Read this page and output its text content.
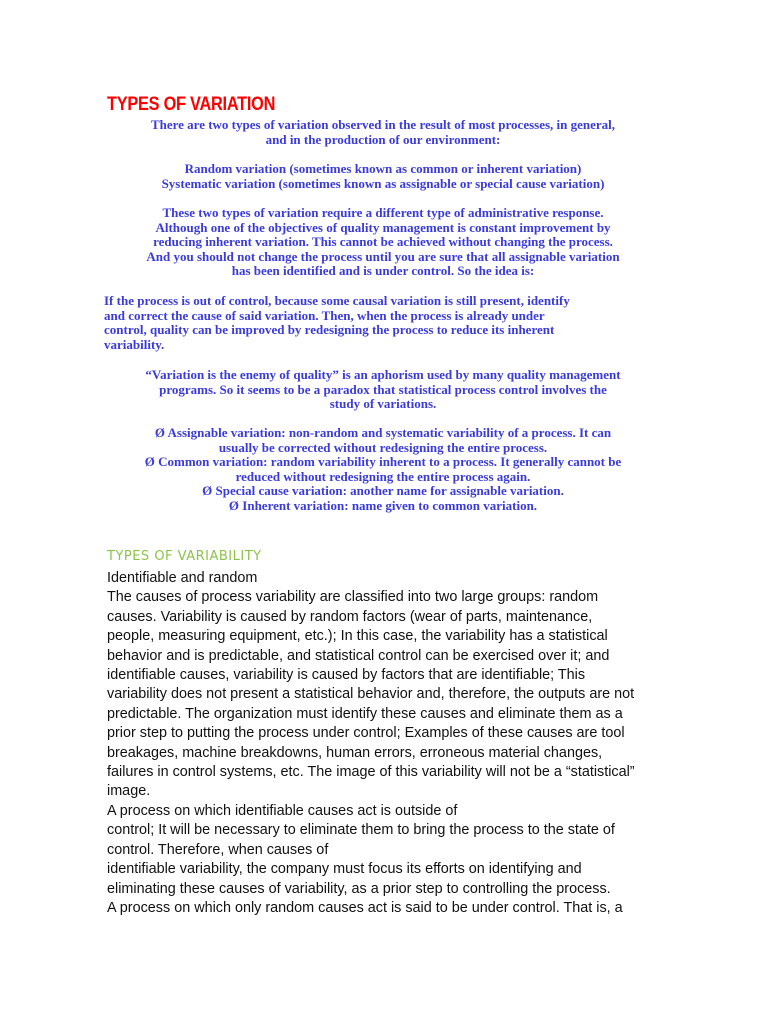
TYPES OF VARIATION
There are two types of variation observed in the result of most processes, in general,
and in the production of our environment:
Random variation (sometimes known as common or inherent variation)
Systematic variation (sometimes known as assignable or special cause variation)
These two types of variation require a different type of administrative response.
Although one of the objectives of quality management is constant improvement by
reducing inherent variation. This cannot be achieved without changing the process.
And you should not change the process until you are sure that all assignable variation
has been identified and is under control. So the idea is:
If the process is out of control, because some causal variation is still present, identify
and correct the cause of said variation. Then, when the process is already under
control, quality can be improved by redesigning the process to reduce its inherent
variability.
“Variation is the enemy of quality” is an aphorism used by many quality management
programs. So it seems to be a paradox that statistical process control involves the
study of variations.
Ø Assignable variation: non-random and systematic variability of a process. It can
usually be corrected without redesigning the entire process.
Ø Common variation: random variability inherent to a process. It generally cannot be
reduced without redesigning the entire process again.
Ø Special cause variation: another name for assignable variation.
Ø Inherent variation: name given to common variation.
TYPES OF VARIABILITY
Identifiable and random
The causes of process variability are classified into two large groups: random
causes. Variability is caused by random factors (wear of parts, maintenance,
people, measuring equipment, etc.); In this case, the variability has a statistical
behavior and is predictable, and statistical control can be exercised over it; and
identifiable causes, variability is caused by factors that are identifiable; This
variability does not present a statistical behavior and, therefore, the outputs are not
predictable. The organization must identify these causes and eliminate them as a
prior step to putting the process under control; Examples of these causes are tool
breakages, machine breakdowns, human errors, erroneous material changes,
failures in control systems, etc. The image of this variability will not be a “statistical”
image.
A process on which identifiable causes act is outside of
control; It will be necessary to eliminate them to bring the process to the state of
control. Therefore, when causes of
identifiable variability, the company must focus its efforts on identifying and
eliminating these causes of variability, as a prior step to controlling the process.
A process on which only random causes act is said to be under control. That is, a
